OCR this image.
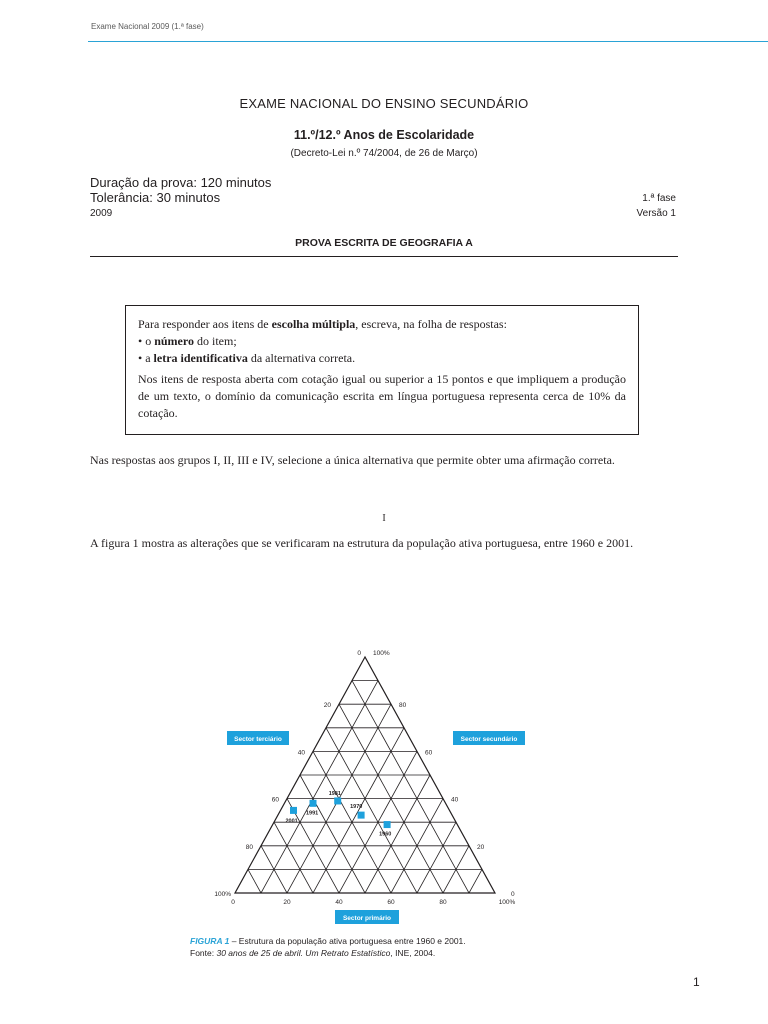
Exame Nacional 2009 (1.ª fase)
EXAME NACIONAL DO ENSINO SECUNDÁRIO
11.º/12.º Anos de Escolaridade
(Decreto-Lei n.º 74/2004, de 26 de Março)
Duração da prova: 120 minutos
Tolerância: 30 minutos
2009
1.ª fase
Versão 1
PROVA ESCRITA DE GEOGRAFIA A

Para responder aos itens de escolha múltipla, escreva, na folha de respostas:

• o número do item;

• a letra identificativa da alternativa correta.

Nos itens de resposta aberta com cotação igual ou superior a 15 pontos e que impliquem a produção de um texto, o domínio da comunicação escrita em língua portuguesa representa cerca de 10% da cotação.

Nas respostas aos grupos I, II, III e IV, selecione a única alternativa que permite obter uma afirmação correta.
I
A figura 1 mostra as alterações que se verificaram na estrutura da população ativa portuguesa, entre 1960 e 2001.
20
20
20
40
40
40
60
60
60
80
80
80
0	100%
100%	0
0 100%
1960
1970
1981
1991
2001
Sector terciário	Sector secundário
Sector primário
FIGURA 1 – Estrutura da população ativa portuguesa entre 1960 e 2001.
Fonte: 30 anos de 25 de abril. Um Retrato Estatístico, INE, 2004.
1
